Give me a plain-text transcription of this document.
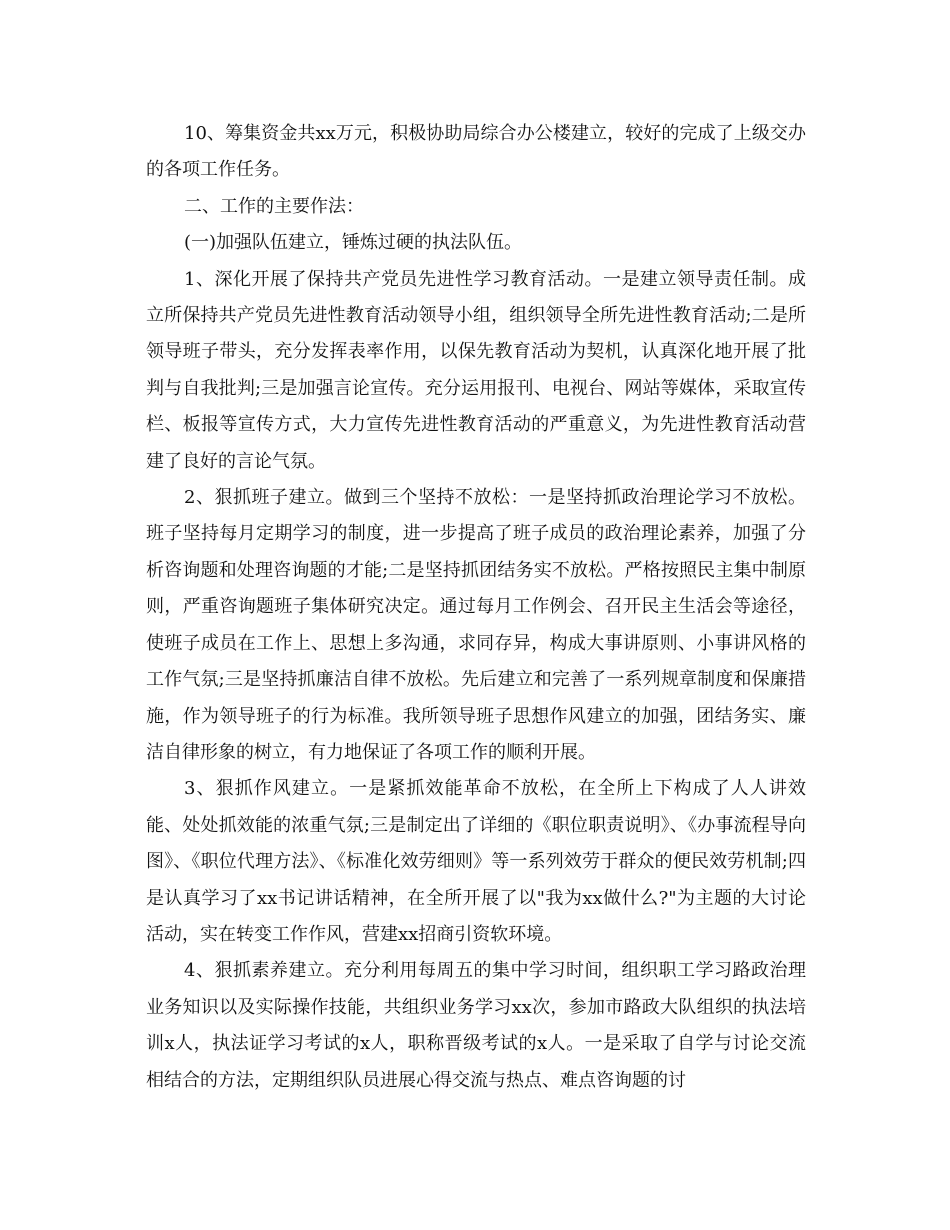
10、筹集资金共xx万元，积极协助局综合办公楼建立，较好的完成了上级交办的各项工作任务。

二、工作的主要作法：

(一)加强队伍建立，锤炼过硬的执法队伍。

1、深化开展了保持共产党员先进性学习教育活动。一是建立领导责任制。成立所保持共产党员先进性教育活动领导小组，组织领导全所先进性教育活动;二是所领导班子带头，充分发挥表率作用，以保先教育活动为契机，认真深化地开展了批判与自我批判;三是加强言论宣传。充分运用报刊、电视台、网站等媒体，采取宣传栏、板报等宣传方式，大力宣传先进性教育活动的严重意义，为先进性教育活动营建了良好的言论气氛。

2、狠抓班子建立。做到三个坚持不放松：一是坚持抓政治理论学习不放松。班子坚持每月定期学习的制度，进一步提高了班子成员的政治理论素养，加强了分析咨询题和处理咨询题的才能;二是坚持抓团结务实不放松。严格按照民主集中制原则，严重咨询题班子集体研究决定。通过每月工作例会、召开民主生活会等途径，使班子成员在工作上、思想上多沟通，求同存异，构成大事讲原则、小事讲风格的工作气氛;三是坚持抓廉洁自律不放松。先后建立和完善了一系列规章制度和保廉措施，作为领导班子的行为标准。我所领导班子思想作风建立的加强，团结务实、廉洁自律形象的树立，有力地保证了各项工作的顺利开展。

3、狠抓作风建立。一是紧抓效能革命不放松，在全所上下构成了人人讲效能、处处抓效能的浓重气氛;三是制定出了详细的《职位职责说明》、《办事流程导向图》、《职位代理方法》、《标准化效劳细则》等一系列效劳于群众的便民效劳机制;四是认真学习了xx书记讲话精神，在全所开展了以"我为xx做什么?"为主题的大讨论活动，实在转变工作作风，营建xx招商引资软环境。

4、狠抓素养建立。充分利用每周五的集中学习时间，组织职工学习路政治理业务知识以及实际操作技能，共组织业务学习xx次，参加市路政大队组织的执法培训x人，执法证学习考试的x人，职称晋级考试的x人。一是采取了自学与讨论交流相结合的方法，定期组织队员进展心得交流与热点、难点咨询题的讨
